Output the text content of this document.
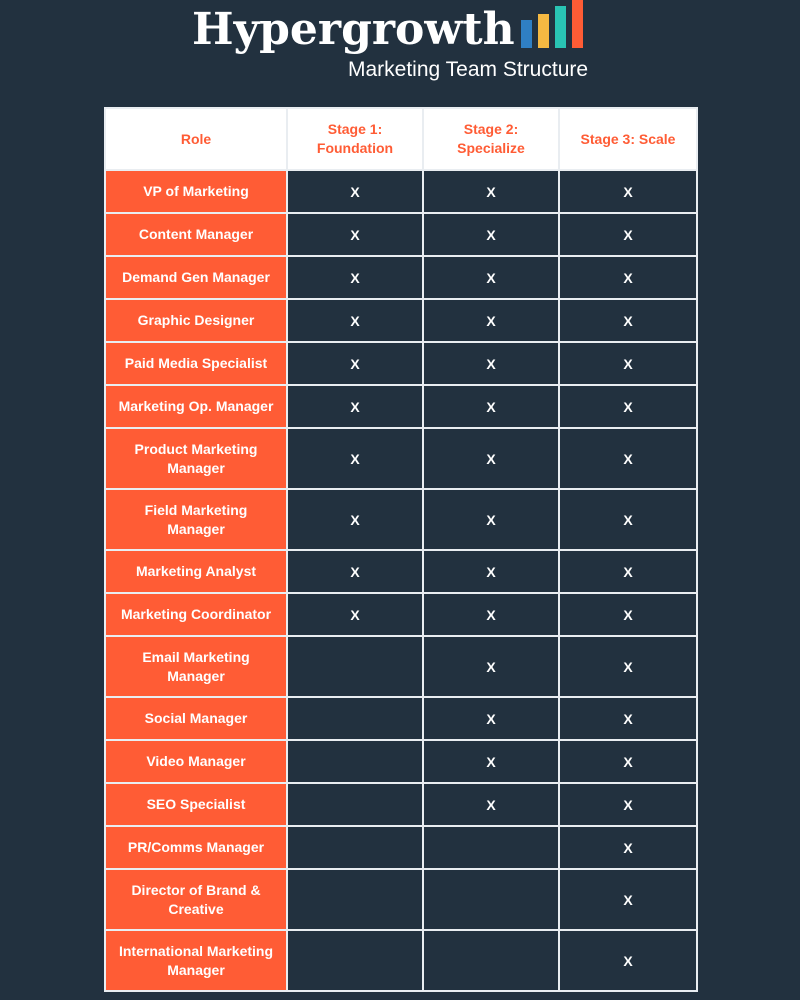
Hypergrowth
Marketing Team Structure
Role	Stage 1: Foundation	Stage 2: Specialize	Stage 3: Scale
VP of Marketing	X	X	X
Content Manager	X	X	X
Demand Gen Manager	X	X	X
Graphic Designer	X	X	X
Paid Media Specialist	X	X	X
Marketing Op. Manager	X	X	X
Product Marketing Manager	X	X	X
Field Marketing Manager	X	X	X
Marketing Analyst	X	X	X
Marketing Coordinator	X	X	X
Email Marketing Manager		X	X
Social Manager		X	X
Video Manager		X	X
SEO Specialist		X	X
PR/Comms Manager			X
Director of Brand & Creative			X
International Marketing Manager			X
